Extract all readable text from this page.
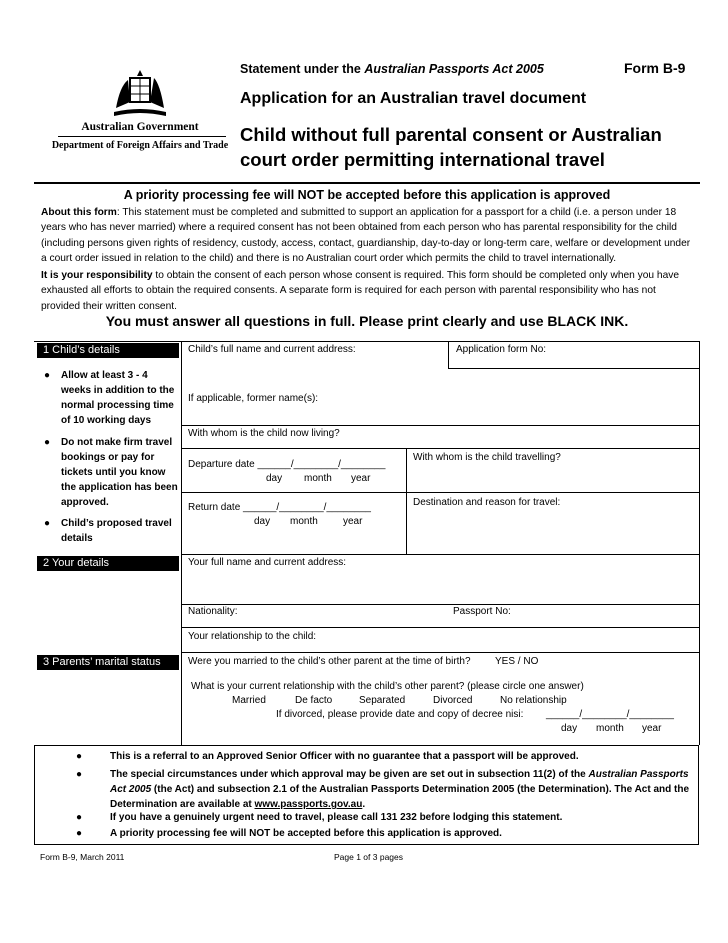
Australian Government
Department of Foreign Affairs and Trade
Statement under the Australian Passports Act 2005	Form B-9
Application for an Australian travel document
Child without full parental consent or Australian court order permitting international travel
A priority processing fee will NOT be accepted before this application is approved
About this form: This statement must be completed and submitted to support an application for a passport for a child (i.e. a person under 18 years who has never married) where a required consent has not been obtained from each person who has parental responsibility for the child (including persons given rights of residency, custody, access, contact, guardianship, day-to-day or long-term care, welfare or development under a court order issued in relation to the child) and there is no Australian court order which permits the child to travel internationally.
It is your responsibility to obtain the consent of each person whose consent is required. This form should be completed only when you have exhausted all efforts to obtain the required consents. A separate form is required for each person with parental responsibility who has not provided their written consent.
You must answer all questions in full. Please print clearly and use BLACK INK.
1 Child’s details
● Allow at least 3 - 4 weeks in addition to the normal processing time of 10 working days
● Do not make firm travel bookings or pay for tickets until you know the application has been approved.
● Child’s proposed travel details
Child’s full name and current address:	Application form No:
If applicable, former name(s):
With whom is the child now living?
Departure date ______/________/________
day month year
With whom is the child travelling?
Return date ______/________/________
day month	year
Destination and reason for travel:
2 Your details	Your full name and current address:
Nationality:	Passport No:
Your relationship to the child:
3 Parents’ marital status	Were you married to the child’s other parent at the time of birth? YES / NO
What is your current relationship with the child’s other parent? (please circle one answer)
Married	De facto	Separated	Divorced	No relationship
If divorced, please provide date and copy of decree nisi: ______/________/________
day month year
●	This is a referral to an Approved Senior Officer with no guarantee that a passport will be approved.
●	The special circumstances under which approval may be given are set out in subsection 11(2) of the Australian Passports Act 2005 (the Act) and subsection 2.1 of the Australian Passports Determination 2005 (the Determination). The Act and the Determination are available at www.passports.gov.au.
●	If you have a genuinely urgent need to travel, please call 131 232 before lodging this statement.
●	A priority processing fee will NOT be accepted before this application is approved.
Form B-9, March 2011	Page 1 of 3 pages
